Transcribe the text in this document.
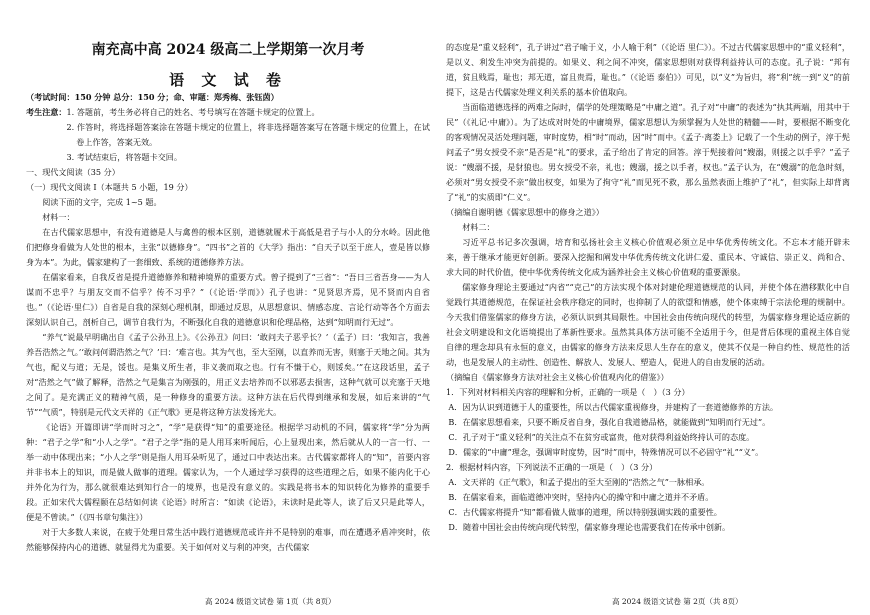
南充高中高 2024 级高二上学期第一次月考
语 文 试 卷

（考试时间：150 分钟 总分：150 分；命、审题：郑秀梅、张钰茵）

考生注意： 1. 答题前，考生务必将自己的姓名、考号填写在答题卡规定的位置上。

2. 作答时，将选择题答案涂在答题卡规定的位置上，将非选择题答案写在答题卡规定的位置上，在试卷上作答，答案无效。

3. 考试结束后，将答题卡交回。

一、现代文阅读（35 分）

（一）现代文阅读 I（本题共 5 小题，19 分）

阅读下面的文字，完成 1~5 题。

材料一：

在古代儒家思想中，有没有道德是人与禽兽的根本区别，道德就履术于高低是君子与小人的分水岭。因此他们把修身看做为人处世的根本，主张“以德修身”。“四书”之首的《大学》指出：“自天子以至于庶人，壹是皆以修身为本”。为此，儒家建构了一套细致、系统的道德修养方法。

在儒家看来，自我反省是提升道德修养和精神境界的重要方式。曾子提到了“三省”：“吾日三省吾身——为人谋而不忠乎？与朋友交而不信乎？传不习乎？”（《论语·学而》）孔子也讲：“见贤思齐焉，见不贤而内自省也。”（《论语·里仁》）自省是自我的深刻心理机制，即通过反思，从思想意识、情感态度、言论行动等各个方面去深刻认识自己，剖析自己，调节自我行为，不断强化自我的道德意识和伦理品格，达到“知明而行无过”。

“养气”说最早明确出自《孟子公孙丑上》。《公孙丑》问曰：‘敢问夫子恶乎长？’（孟子）曰：‘我知言，我善养吾浩然之气。’‘敢问何谓浩然之气？’曰：‘难言也。其为气也，至大至刚，以直养而无害，则塞于天地之间。其为气也，配义与道；无是，馁也。是集义所生者，非义袭而取之也。行有不慊于心，则馁矣。’”在这段话里，孟子对“浩然之气”做了解释，浩然之气是集言为刚强的，用正义去培养而不以邪恶去损害，这种气就可以充塞于天地之间了。是充满正义的精神气质，是一种修身的重要方法。这种方法在后代得到继承和发展，如后来讲的“气节”“气质”，特别是元代文天祥的《正气歌》更是将这种方法发扬光大。

《论语》开篇即讲“学而时习之”，“学”是获得“知”的重要途径。根据学习动机的不同，儒家将“学”分为两种：“君子之学”和“小人之学”。“君子之学”指的是人用耳来听闻后，心上显现出来，然后就从人的一言一行、一举一动中体现出来；“小人之学”则是指人用耳朵听见了，通过口中表达出来。古代儒家都将人的“知”，首要内容并非书本上的知识，而是做人做事的道理。儒家认为，一个人通过学习获得的这些道理之后，如果不能内化于心并外化为行为，那么就很难达到知行合一的境界，也是没有意义的。实践是将书本的知识转化为修养的重要手段。正如宋代大儒程颐在总结如何读《论语》时所言：“如读《论语》，未读时是此等人，读了后又只是此等人，便是不曾读。”（《四书章句集注》）

对于大多数人来说，在疲于处理日常生活中践行道德规范或许并不是特别的难事，而在遭遇矛盾冲突时，依然能够保持内心的道德、就显得尤为重要。关于如何对义与利的冲突，古代儒家

的态度是“重义轻利”，孔子讲过“君子喻于义，小人喻于利”（《论语 里仁》）。不过古代儒家思想中的“重义轻利”，是以义、利发生冲突为前提的。如果义、利之间不冲突，儒家思想则对获得利益持认可的态度。孔子说：“邦有道，贫且贱焉，耻也；邦无道，富且贵焉，耻也。”（《论语 泰伯》）可见，以“义”为旨归，将“利”统一到“义”的前提下，这是古代儒家处理义利关系的基本价值取向。

当面临道德选择的两难之际时，儒学的处理策略是“中庸之道”。孔子对“中庸”的表述为“执其两端，用其中于民”（《礼记·中庸》）。为了达成对时处的中庸境界，儒家思想认为须掌握为人处世的精髓——时，要根据不断变化的客观情况灵活处理问题，审时度势，相“时”而动，因“时”而中。《孟子·离娄上》记载了一个生动的例子，淳于髡问孟子“男女授受不亲”是否是“礼”的要求，孟子给出了肯定的回答。淳于髡接着问“嫂溺，则援之以手乎？”孟子说：“嫂溺不援，是豺狼也。男女授受不亲，礼也；嫂溺，援之以手者，权也。”孟子认为，在“嫂溺”的危急时刻，必须对“男女授受不亲”做出权变，如果为了拘守“礼”而见死不救，那么虽然表面上维护了“礼”，但实际上却背离了“礼”的实质即“仁义”。

（摘编自谢明德《儒家思想中的修身之道》）

材料二：

习近平总书记多次强调，培育和弘扬社会主义核心价值观必须立足中华优秀传统文化。不忘本才能开辟未来，善于继承才能更好创新。要深入挖掘和阐发中华优秀传统文化讲仁爱、重民本、守诚信、崇正义、尚和合、求大同的时代价值，使中华优秀传统文化成为涵养社会主义核心价值观的重要源泉。

儒家修身理论主要通过“内省”“克己”的方法实现个体对封建伦理道德规范的认同，并使个体在潜移默化中自觉践行其道德规范，在保证社会秩序稳定的同时，也抑制了人的欲望和情感，使个体束缚于宗法伦理的规制中。今天我们借鉴儒家的修身方法，必须认识到其局限性。中国社会由传统向现代的转型，为儒家修身理论适应新的社会文明建设和文化语境提出了革新性要求。虽然其具体方法可能不全适用于今，但是背后体现的重视主体自觉自律的理念却具有永恒的意义，由儒家的修身方法来反思人生存在的意义，使其不仅是一种自约性、规范性的活动，也是发展人的主动性、创造性、解放人、发展人、塑造人，促进人的自由发展的活动。

（摘编自《儒家修身方法对社会主义核心价值观内化的借鉴》）

1．下列对材料相关内容的理解和分析，正确的一项是（　）（3 分）

A．因为认识到道德于人的重要性，所以古代儒家重视修身，并建构了一套道德修养的方法。

B．在儒家思想看来，只要不断反省自身，强化自我道德品格，就能做到“知明而行无过”。

C．孔子对于“重义轻利”的关注点不在贫穷或富贵，他对获得利益始终持认可的态度。

D．儒家的“中庸”理念，强调审时度势，因“时”而中，特殊情况可以不必固守“礼”“义”。

2．根据材料内容，下列说法不正确的一项是（　）（3 分）

A．文天祥的《正气歌》，和孟子提出的至大至刚的“浩然之气”一脉相承。

B．在儒家看来，面临道德冲突时，坚持内心的操守和中庸之道并不矛盾。

C．古代儒家将提升“知”都看做人做事的道理，所以特别强调实践的重要性。

D．随着中国社会由传统向现代转型，儒家修身理论也需要我们在传承中创新。

高 2024 级语文试卷 第 1页（共 8页）	高 2024 级语文试卷 第 2页（共 8页）
